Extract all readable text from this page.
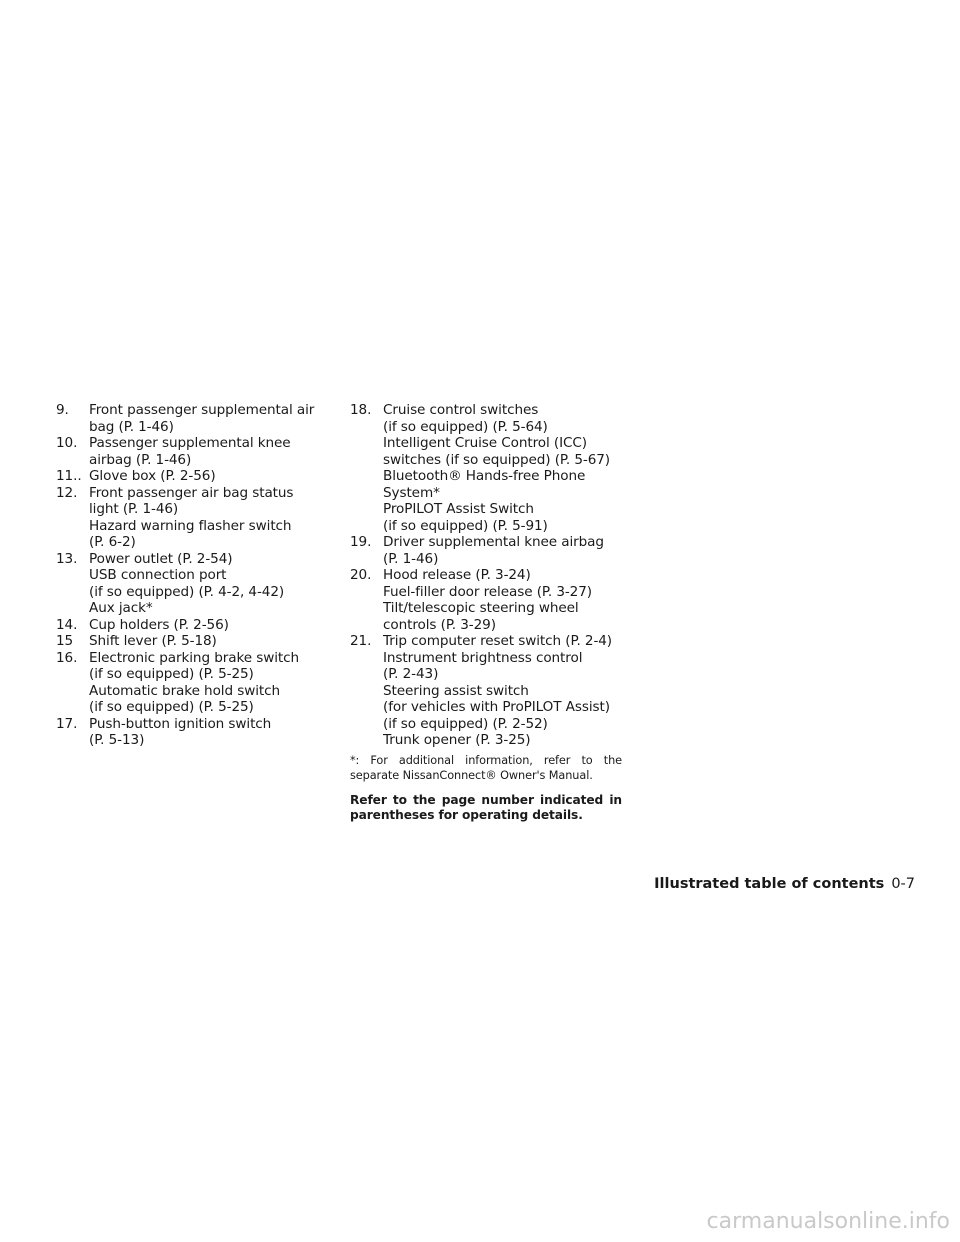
9.	Front passenger supplemental air
bag (P. 1-46)
10. Passenger supplemental knee
airbag (P. 1-46)
11.. Glove box (P. 2-56)
12. Front passenger air bag status
light (P. 1-46)
Hazard warning flasher switch
(P. 6-2)
13. Power outlet (P. 2-54)
USB connection port
(if so equipped) (P. 4-2, 4-42)
Aux jack*
14. Cup holders (P. 2-56)
15	Shift lever (P. 5-18)
16. Electronic parking brake switch
(if so equipped) (P. 5-25)
Automatic brake hold switch
(if so equipped) (P. 5-25)
17. Push-button ignition switch
(P. 5-13)
18. Cruise control switches
(if so equipped) (P. 5-64)
Intelligent Cruise Control (ICC)
switches (if so equipped) (P. 5-67)
Bluetooth® Hands-free Phone
System*
ProPILOT Assist Switch
(if so equipped) (P. 5-91)
19. Driver supplemental knee airbag
(P. 1-46)
20. Hood release (P. 3-24)
Fuel-filler door release (P. 3-27)
Tilt/telescopic steering wheel
controls (P. 3-29)
21. Trip computer reset switch (P. 2-4)
Instrument brightness control
(P. 2-43)
Steering assist switch
(for vehicles with ProPILOT Assist)
(if so equipped) (P. 2-52)
Trunk opener (P. 3-25)
*: For additional information, refer to the separate NissanConnect® Owner's Manual.
Refer to the page number indicated in parentheses for operating details.
Illustrated table of contents 0-7
carmanualsonline.info
